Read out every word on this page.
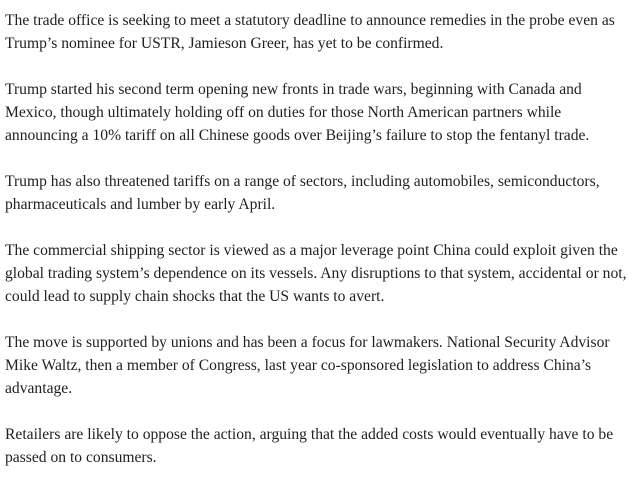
The trade office is seeking to meet a statutory deadline to announce remedies in the probe even as
Trump’s nominee for USTR, Jamieson Greer, has yet to be confirmed.

Trump started his second term opening new fronts in trade wars, beginning with Canada and
Mexico, though ultimately holding off on duties for those North American partners while
announcing a 10% tariff on all Chinese goods over Beijing’s failure to stop the fentanyl trade.

Trump has also threatened tariffs on a range of sectors, including automobiles, semiconductors,
pharmaceuticals and lumber by early April.

The commercial shipping sector is viewed as a major leverage point China could exploit given the
global trading system’s dependence on its vessels. Any disruptions to that system, accidental or not,
could lead to supply chain shocks that the US wants to avert.

The move is supported by unions and has been a focus for lawmakers. National Security Advisor
Mike Waltz, then a member of Congress, last year co-sponsored legislation to address China’s
advantage.

Retailers are likely to oppose the action, arguing that the added costs would eventually have to be
passed on to consumers.
